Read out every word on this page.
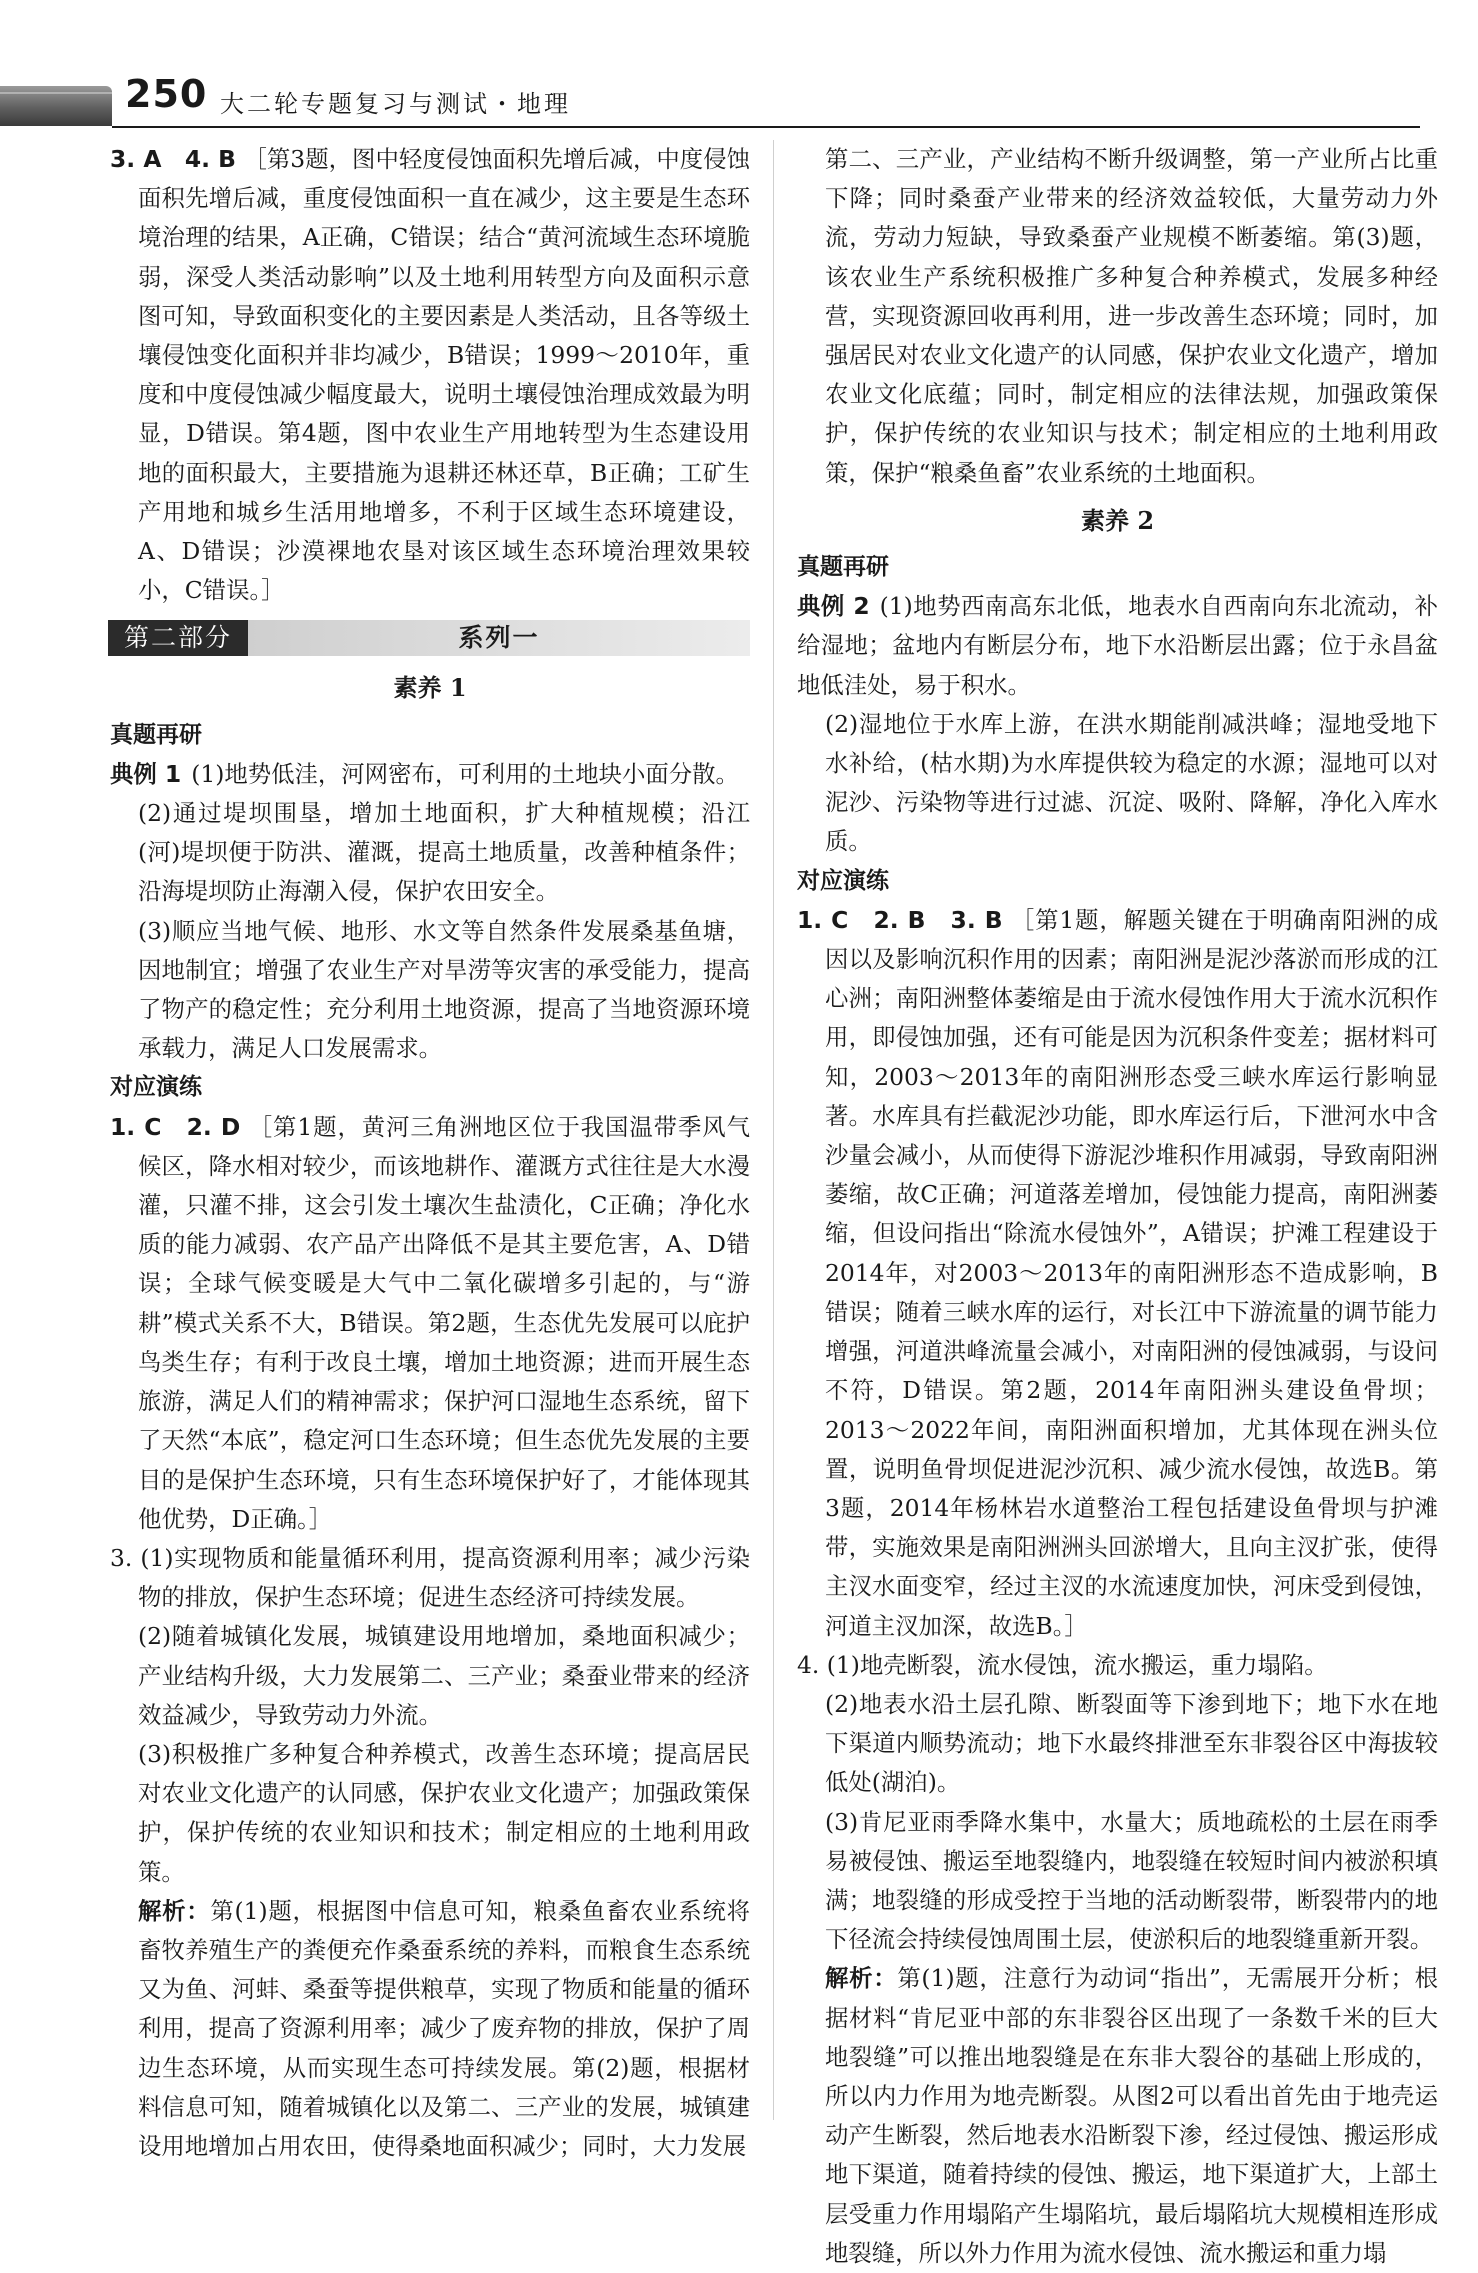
250 大二轮专题复习与测试・地理

3. A　4. B ［第3题，图中轻度侵蚀面积先增后减，中度侵蚀面积先增后减，重度侵蚀面积一直在减少，这主要是生态环境治理的结果，A正确，C错误；结合“黄河流域生态环境脆弱，深受人类活动影响”以及土地利用转型方向及面积示意图可知，导致面积变化的主要因素是人类活动，且各等级土壤侵蚀变化面积并非均减少，B错误；1999～2010年，重度和中度侵蚀减少幅度最大，说明土壤侵蚀治理成效最为明显，D错误。第4题，图中农业生产用地转型为生态建设用地的面积最大，主要措施为退耕还林还草，B正确；工矿生产用地和城乡生活用地增多，不利于区域生态环境建设，A、D错误；沙漠裸地农垦对该区域生态环境治理效果较小，C错误。］

第二部分	系列一
素养 1

真题再研

典例 1 (1)地势低洼，河网密布，可利用的土地块小面分散。

(2)通过堤坝围垦，增加土地面积，扩大种植规模；沿江(河)堤坝便于防洪、灌溉，提高土地质量，改善种植条件；沿海堤坝防止海潮入侵，保护农田安全。

(3)顺应当地气候、地形、水文等自然条件发展桑基鱼塘，因地制宜；增强了农业生产对旱涝等灾害的承受能力，提高了物产的稳定性；充分利用土地资源，提高了当地资源环境承载力，满足人口发展需求。

对应演练

1. C　2. D ［第1题，黄河三角洲地区位于我国温带季风气候区，降水相对较少，而该地耕作、灌溉方式往往是大水漫灌，只灌不排，这会引发土壤次生盐渍化，C正确；净化水质的能力减弱、农产品产出降低不是其主要危害，A、D错误；全球气候变暖是大气中二氧化碳增多引起的，与“游耕”模式关系不大，B错误。第2题，生态优先发展可以庇护鸟类生存；有利于改良土壤，增加土地资源；进而开展生态旅游，满足人们的精神需求；保护河口湿地生态系统，留下了天然“本底”，稳定河口生态环境；但生态优先发展的主要目的是保护生态环境，只有生态环境保护好了，才能体现其他优势，D正确。］

3. (1)实现物质和能量循环利用，提高资源利用率；减少污染物的排放，保护生态环境；促进生态经济可持续发展。

(2)随着城镇化发展，城镇建设用地增加，桑地面积减少；产业结构升级，大力发展第二、三产业；桑蚕业带来的经济效益减少，导致劳动力外流。

(3)积极推广多种复合种养模式，改善生态环境；提高居民对农业文化遗产的认同感，保护农业文化遗产；加强政策保护，保护传统的农业知识和技术；制定相应的土地利用政策。

解析：第(1)题，根据图中信息可知，粮桑鱼畜农业系统将畜牧养殖生产的粪便充作桑蚕系统的养料，而粮食生态系统又为鱼、河蚌、桑蚕等提供粮草，实现了物质和能量的循环利用，提高了资源利用率；减少了废弃物的排放，保护了周边生态环境，从而实现生态可持续发展。第(2)题，根据材料信息可知，随着城镇化以及第二、三产业的发展，城镇建设用地增加占用农田，使得桑地面积减少；同时，大力发展

第二、三产业，产业结构不断升级调整，第一产业所占比重下降；同时桑蚕产业带来的经济效益较低，大量劳动力外流，劳动力短缺，导致桑蚕产业规模不断萎缩。第(3)题，该农业生产系统积极推广多种复合种养模式，发展多种经营，实现资源回收再利用，进一步改善生态环境；同时，加强居民对农业文化遗产的认同感，保护农业文化遗产，增加农业文化底蕴；同时，制定相应的法律法规，加强政策保护，保护传统的农业知识与技术；制定相应的土地利用政策，保护“粮桑鱼畜”农业系统的土地面积。

素养 2

真题再研

典例 2 (1)地势西南高东北低，地表水自西南向东北流动，补给湿地；盆地内有断层分布，地下水沿断层出露；位于永昌盆地低洼处，易于积水。

(2)湿地位于水库上游，在洪水期能削减洪峰；湿地受地下水补给，(枯水期)为水库提供较为稳定的水源；湿地可以对泥沙、污染物等进行过滤、沉淀、吸附、降解，净化入库水质。

对应演练

1. C　2. B　3. B ［第1题，解题关键在于明确南阳洲的成因以及影响沉积作用的因素；南阳洲是泥沙落淤而形成的江心洲；南阳洲整体萎缩是由于流水侵蚀作用大于流水沉积作用，即侵蚀加强，还有可能是因为沉积条件变差；据材料可知，2003～2013年的南阳洲形态受三峡水库运行影响显著。水库具有拦截泥沙功能，即水库运行后，下泄河水中含沙量会减小，从而使得下游泥沙堆积作用减弱，导致南阳洲萎缩，故C正确；河道落差增加，侵蚀能力提高，南阳洲萎缩，但设问指出“除流水侵蚀外”，A错误；护滩工程建设于2014年，对2003～2013年的南阳洲形态不造成影响，B错误；随着三峡水库的运行，对长江中下游流量的调节能力增强，河道洪峰流量会减小，对南阳洲的侵蚀减弱，与设问不符，D错误。第2题，2014年南阳洲头建设鱼骨坝；2013～2022年间，南阳洲面积增加，尤其体现在洲头位置，说明鱼骨坝促进泥沙沉积、减少流水侵蚀，故选B。第3题，2014年杨林岩水道整治工程包括建设鱼骨坝与护滩带，实施效果是南阳洲洲头回淤增大，且向主汊扩张，使得主汊水面变窄，经过主汊的水流速度加快，河床受到侵蚀，河道主汊加深，故选B。］

4. (1)地壳断裂，流水侵蚀，流水搬运，重力塌陷。

(2)地表水沿土层孔隙、断裂面等下渗到地下；地下水在地下渠道内顺势流动；地下水最终排泄至东非裂谷区中海拔较低处(湖泊)。

(3)肯尼亚雨季降水集中，水量大；质地疏松的土层在雨季易被侵蚀、搬运至地裂缝内，地裂缝在较短时间内被淤积填满；地裂缝的形成受控于当地的活动断裂带，断裂带内的地下径流会持续侵蚀周围土层，使淤积后的地裂缝重新开裂。

解析：第(1)题，注意行为动词“指出”，无需展开分析；根据材料“肯尼亚中部的东非裂谷区出现了一条数千米的巨大地裂缝”可以推出地裂缝是在东非大裂谷的基础上形成的，所以内力作用为地壳断裂。从图2可以看出首先由于地壳运动产生断裂，然后地表水沿断裂下渗，经过侵蚀、搬运形成地下渠道，随着持续的侵蚀、搬运，地下渠道扩大，上部土层受重力作用塌陷产生塌陷坑，最后塌陷坑大规模相连形成地裂缝，所以外力作用为流水侵蚀、流水搬运和重力塌
